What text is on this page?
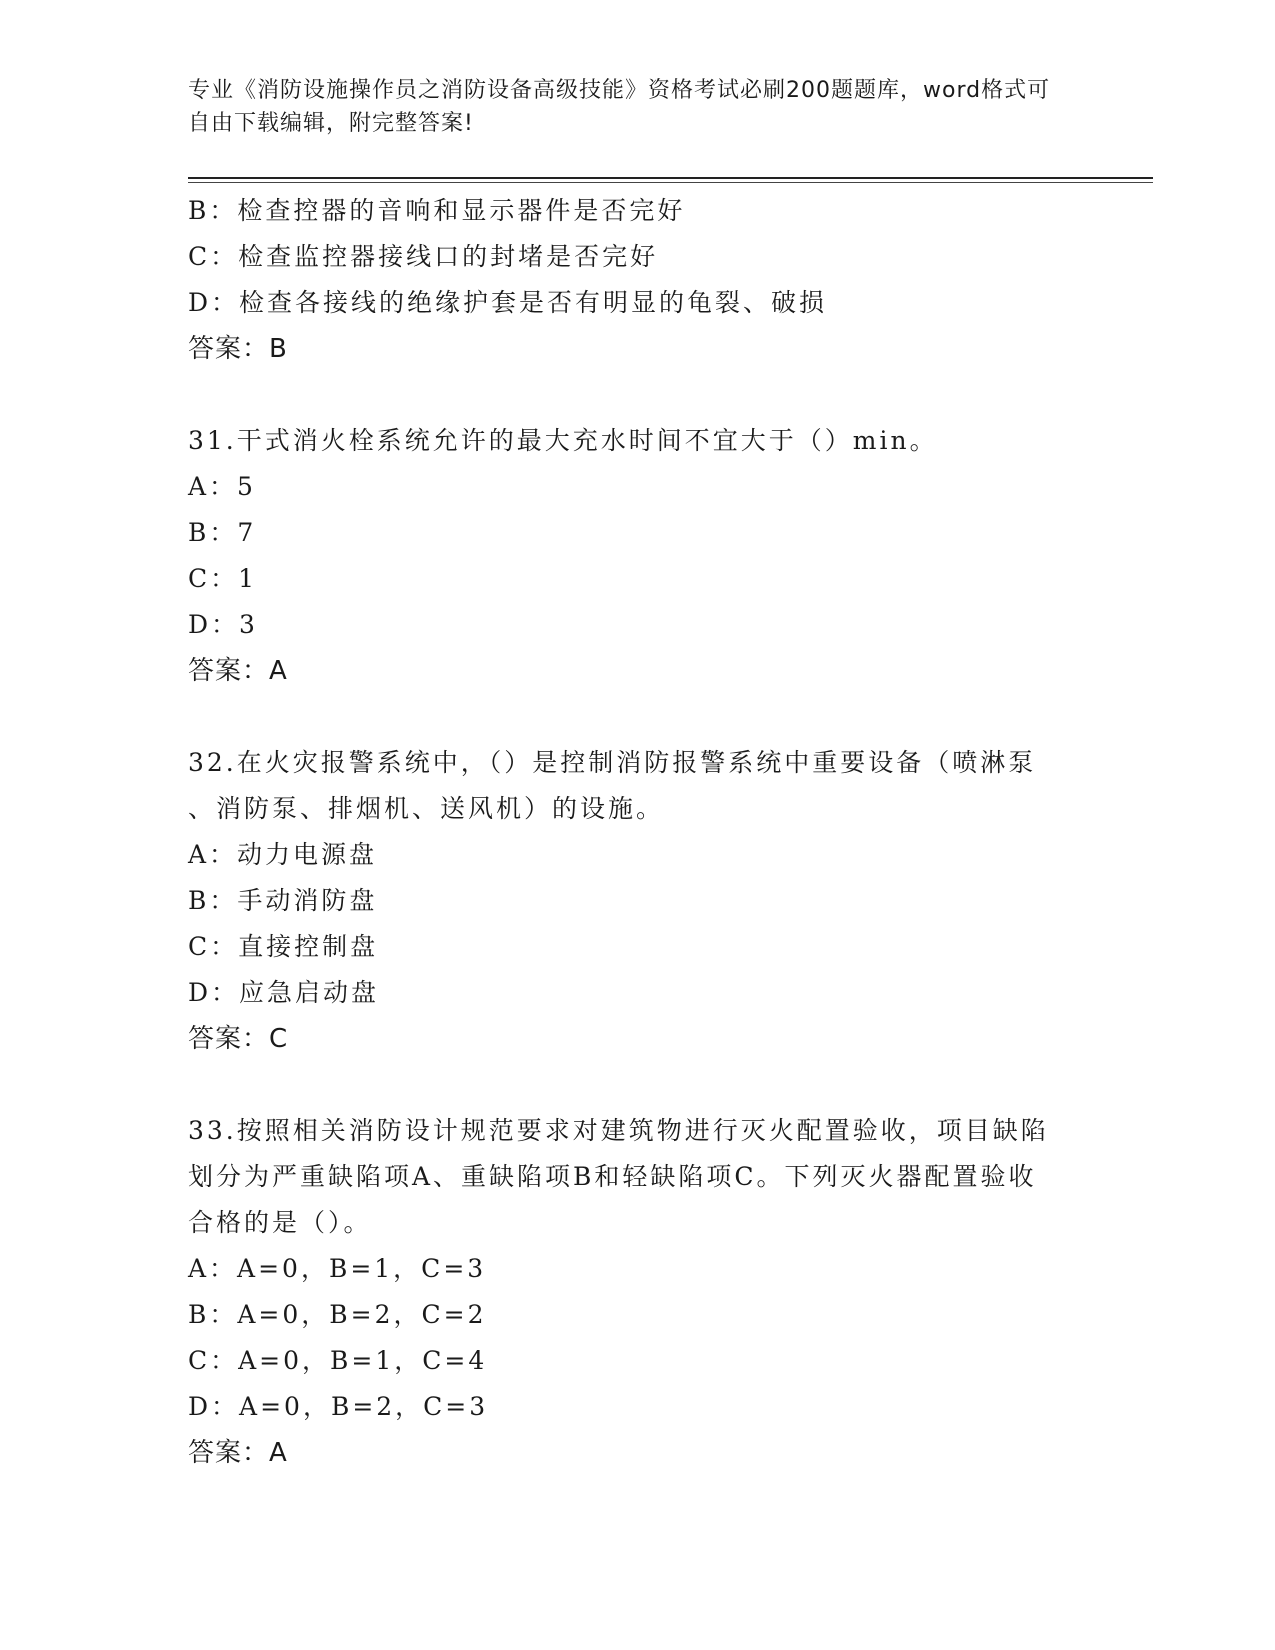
专业《消防设施操作员之消防设备高级技能》资格考试必刷200题题库，word格式可自由下载编辑，附完整答案!

B：检查控器的音响和显示器件是否完好

C：检查监控器接线口的封堵是否完好

D：检查各接线的绝缘护套是否有明显的龟裂、破损

答案：B

31.干式消火栓系统允许的最大充水时间不宜大于（）min。

A：5

B：7

C：1

D：3

答案：A

32.在火灾报警系统中，（）是控制消防报警系统中重要设备（喷淋泵

、消防泵、排烟机、送风机）的设施。

A：动力电源盘

B：手动消防盘

C：直接控制盘

D：应急启动盘

答案：C

33.按照相关消防设计规范要求对建筑物进行灭火配置验收，项目缺陷

划分为严重缺陷项A、重缺陷项B和轻缺陷项C。下列灭火器配置验收

合格的是（）。

A：A=0，B=1，C=3

B：A=0，B=2，C=2

C：A=0，B=1，C=4

D：A=0，B=2，C=3

答案：A
